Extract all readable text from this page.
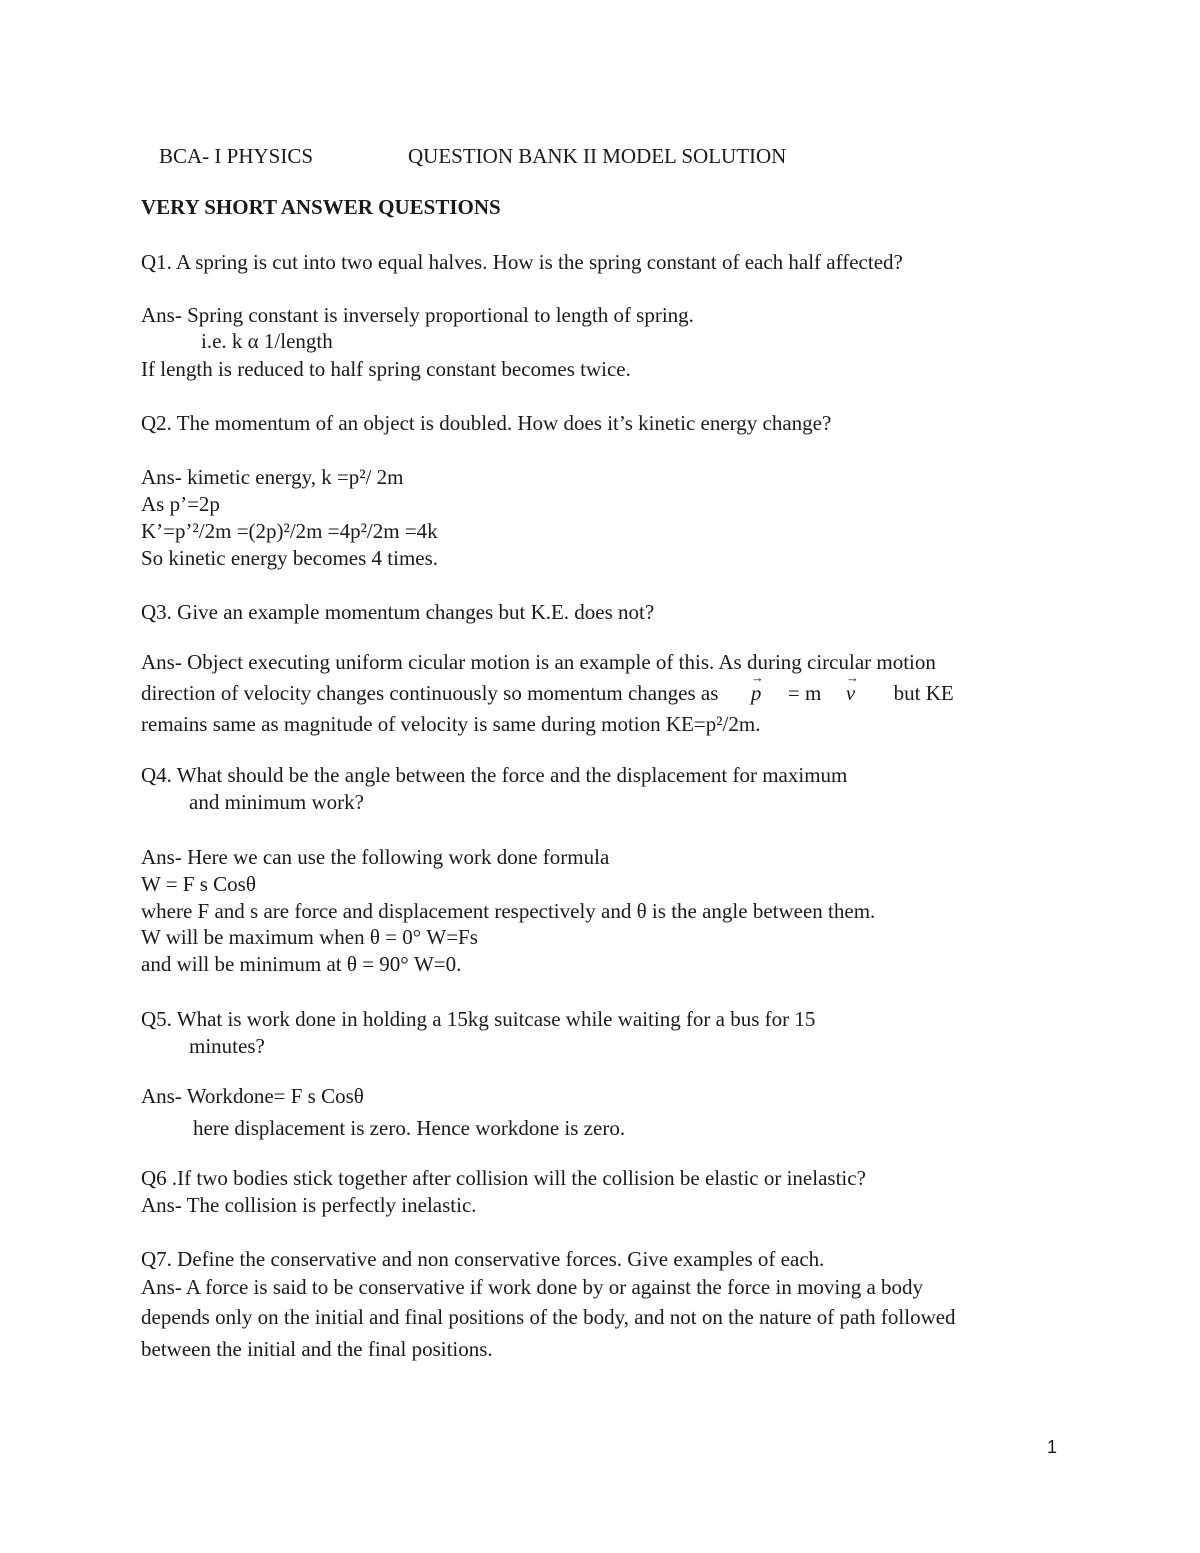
BCA- I PHYSICS	QUESTION BANK II MODEL SOLUTION
VERY SHORT ANSWER QUESTIONS
Q1. A spring is cut into two equal halves. How is the spring constant of each half affected?
Ans- Spring constant is inversely proportional to length of spring.
i.e. k α 1/length
If length is reduced to half spring constant becomes twice.
Q2. The momentum of an object is doubled. How does it’s kinetic energy change?
Ans- kimetic energy, k =p²/ 2m
As p’=2p
K’=p’²/2m =(2p)²/2m =4p²/2m =4k
So kinetic energy becomes 4 times.
Q3. Give an example momentum changes but K.E. does not?
Ans- Object executing uniform cicular motion is an example of this. As during circular motion
direction of velocity changes continuously so momentum changes as → p = m → v but KE
remains same as magnitude of velocity is same during motion KE=p²/2m.
Q4. What should be the angle between the force and the displacement for maximum
and minimum work?
Ans- Here we can use the following work done formula
W = F s Cosθ
where F and s are force and displacement respectively and θ is the angle between them.
W will be maximum when θ = 0° W=Fs
and will be minimum at θ = 90° W=0.
Q5. What is work done in holding a 15kg suitcase while waiting for a bus for 15
minutes?
Ans- Workdone= F s Cosθ
here displacement is zero. Hence workdone is zero.
Q6 .If two bodies stick together after collision will the collision be elastic or inelastic?
Ans- The collision is perfectly inelastic.
Q7. Define the conservative and non conservative forces. Give examples of each.
Ans- A force is said to be conservative if work done by or against the force in moving a body
depends only on the initial and final positions of the body, and not on the nature of path followed
between the initial and the final positions.
1
